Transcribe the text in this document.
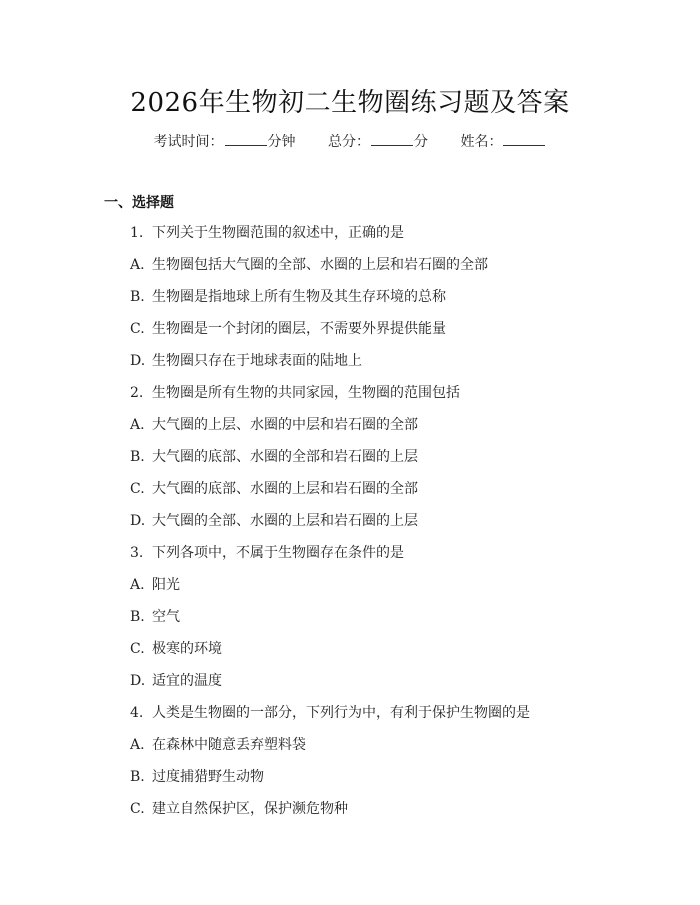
2026年生物初二生物圈练习题及答案
考试时间：	分钟 总分：	分 姓名：
一、选择题
1. 下列关于生物圈范围的叙述中，正确的是
A. 生物圈包括大气圈的全部、水圈的上层和岩石圈的全部
B. 生物圈是指地球上所有生物及其生存环境的总称
C. 生物圈是一个封闭的圈层，不需要外界提供能量
D. 生物圈只存在于地球表面的陆地上
2. 生物圈是所有生物的共同家园，生物圈的范围包括
A. 大气圈的上层、水圈的中层和岩石圈的全部
B. 大气圈的底部、水圈的全部和岩石圈的上层
C. 大气圈的底部、水圈的上层和岩石圈的全部
D. 大气圈的全部、水圈的上层和岩石圈的上层
3. 下列各项中，不属于生物圈存在条件的是
A. 阳光
B. 空气
C. 极寒的环境
D. 适宜的温度
4. 人类是生物圈的一部分，下列行为中，有利于保护生物圈的是
A. 在森林中随意丢弃塑料袋
B. 过度捕猎野生动物
C. 建立自然保护区，保护濒危物种
